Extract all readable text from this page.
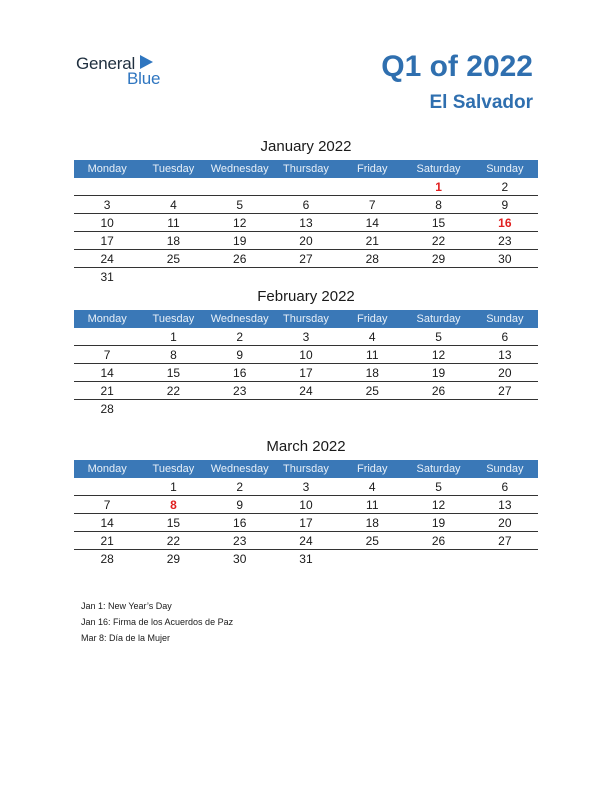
General
Blue	Q1 of 2022
El Salvador
January 2022
Monday	Tuesday	Wednesday	Thursday	Friday	Saturday	Sunday
					1	2
3	4	5	6	7	8	9
10	11	12	13	14	15	16
17	18	19	20	21	22	23
24	25	26	27	28	29	30
31						
February 2022
Monday	Tuesday	Wednesday	Thursday	Friday	Saturday	Sunday
	1	2	3	4	5	6
7	8	9	10	11	12	13
14	15	16	17	18	19	20
21	22	23	24	25	26	27
28						
March 2022
Monday	Tuesday	Wednesday	Thursday	Friday	Saturday	Sunday
	1	2	3	4	5	6
7	8	9	10	11	12	13
14	15	16	17	18	19	20
21	22	23	24	25	26	27
28	29	30	31			
Jan 1: New Year’s Day
Jan 16: Firma de los Acuerdos de Paz
Mar 8: Día de la Mujer
